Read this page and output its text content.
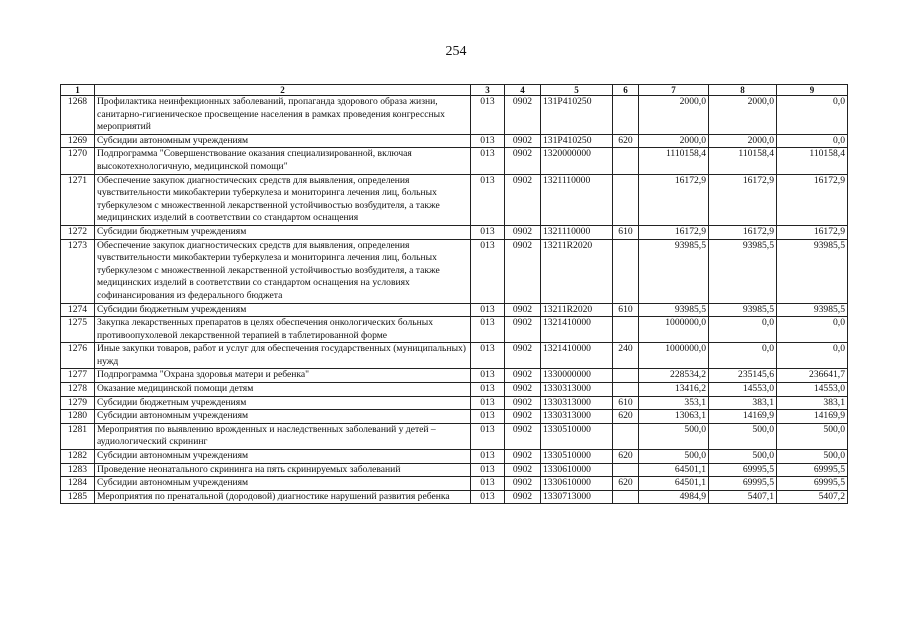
254
1	2	3	4	5	6	7	8	9
1268	Профилактика неинфекционных заболеваний, пропаганда здорового образа жизни, санитарно-гигиеническое просвещение населения в рамках проведения конгрессных мероприятий	013	0902	131P410250		2000,0	2000,0	0,0
1269	Субсидии автономным учреждениям	013	0902	131P410250	620	2000,0	2000,0	0,0
1270	Подпрограмма "Совершенствование оказания специализированной, включая высокотехнологичную, медицинской помощи"	013	0902	1320000000		1110158,4	110158,4	110158,4
1271	Обеспечение закупок диагностических средств для выявления, определения чувствительности микобактерии туберкулеза и мониторинга лечения лиц, больных туберкулезом с множественной лекарственной устойчивостью возбудителя, а также медицинских изделий в соответствии со стандартом оснащения	013	0902	1321110000		16172,9	16172,9	16172,9
1272	Субсидии бюджетным учреждениям	013	0902	1321110000	610	16172,9	16172,9	16172,9
1273	Обеспечение закупок диагностических средств для выявления, определения чувствительности микобактерии туберкулеза и мониторинга лечения лиц, больных туберкулезом с множественной лекарственной устойчивостью возбудителя, а также медицинских изделий в соответствии со стандартом оснащения на условиях софинансирования из федерального бюджета	013	0902	13211R2020		93985,5	93985,5	93985,5
1274	Субсидии бюджетным учреждениям	013	0902	13211R2020	610	93985,5	93985,5	93985,5
1275	Закупка лекарственных препаратов в целях обеспечения онкологических больных противоопухолевой лекарственной терапией в таблетированной форме	013	0902	1321410000		1000000,0	0,0	0,0
1276	Иные закупки товаров, работ и услуг для обеспечения государственных (муниципальных) нужд	013	0902	1321410000	240	1000000,0	0,0	0,0
1277	Подпрограмма "Охрана здоровья матери и ребенка"	013	0902	1330000000		228534,2	235145,6	236641,7
1278	Оказание медицинской помощи детям	013	0902	1330313000		13416,2	14553,0	14553,0
1279	Субсидии бюджетным учреждениям	013	0902	1330313000	610	353,1	383,1	383,1
1280	Субсидии автономным учреждениям	013	0902	1330313000	620	13063,1	14169,9	14169,9
1281	Мероприятия по выявлению врожденных и наследственных заболеваний у детей – аудиологический скрининг	013	0902	1330510000		500,0	500,0	500,0
1282	Субсидии автономным учреждениям	013	0902	1330510000	620	500,0	500,0	500,0
1283	Проведение неонатального скрининга на пять скринируемых заболеваний	013	0902	1330610000		64501,1	69995,5	69995,5
1284	Субсидии автономным учреждениям	013	0902	1330610000	620	64501,1	69995,5	69995,5
1285	Мероприятия по пренатальной (дородовой) диагностике нарушений развития ребенка	013	0902	1330713000		4984,9	5407,1	5407,2
